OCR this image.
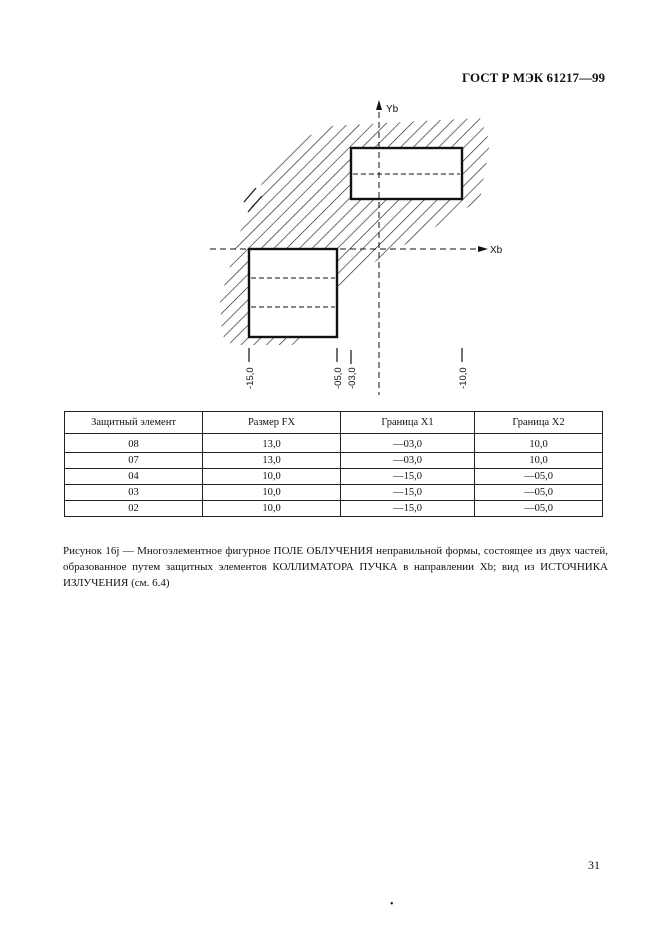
ГОСТ Р МЭК 61217—99
Yb
Xb
-15,0	-05,0 -03,0	-10,0
Защитный элемент	Размер FX	Граница X1	Граница X2
08	13,0	—03,0	10,0
07	13,0	—03,0	10,0
04	10,0	—15,0	—05,0
03	10,0	—15,0	—05,0
02	10,0	—15,0	—05,0
Рисунок 16j — Многоэлементное фигурное ПОЛЕ ОБЛУЧЕНИЯ неправильной формы, состоящее из двух частей, образованное путем защитных элементов КОЛЛИМАТОРА ПУЧКА в направлении Xb; вид из ИСТОЧНИКА ИЗЛУЧЕНИЯ (см. 6.4)
31
•
